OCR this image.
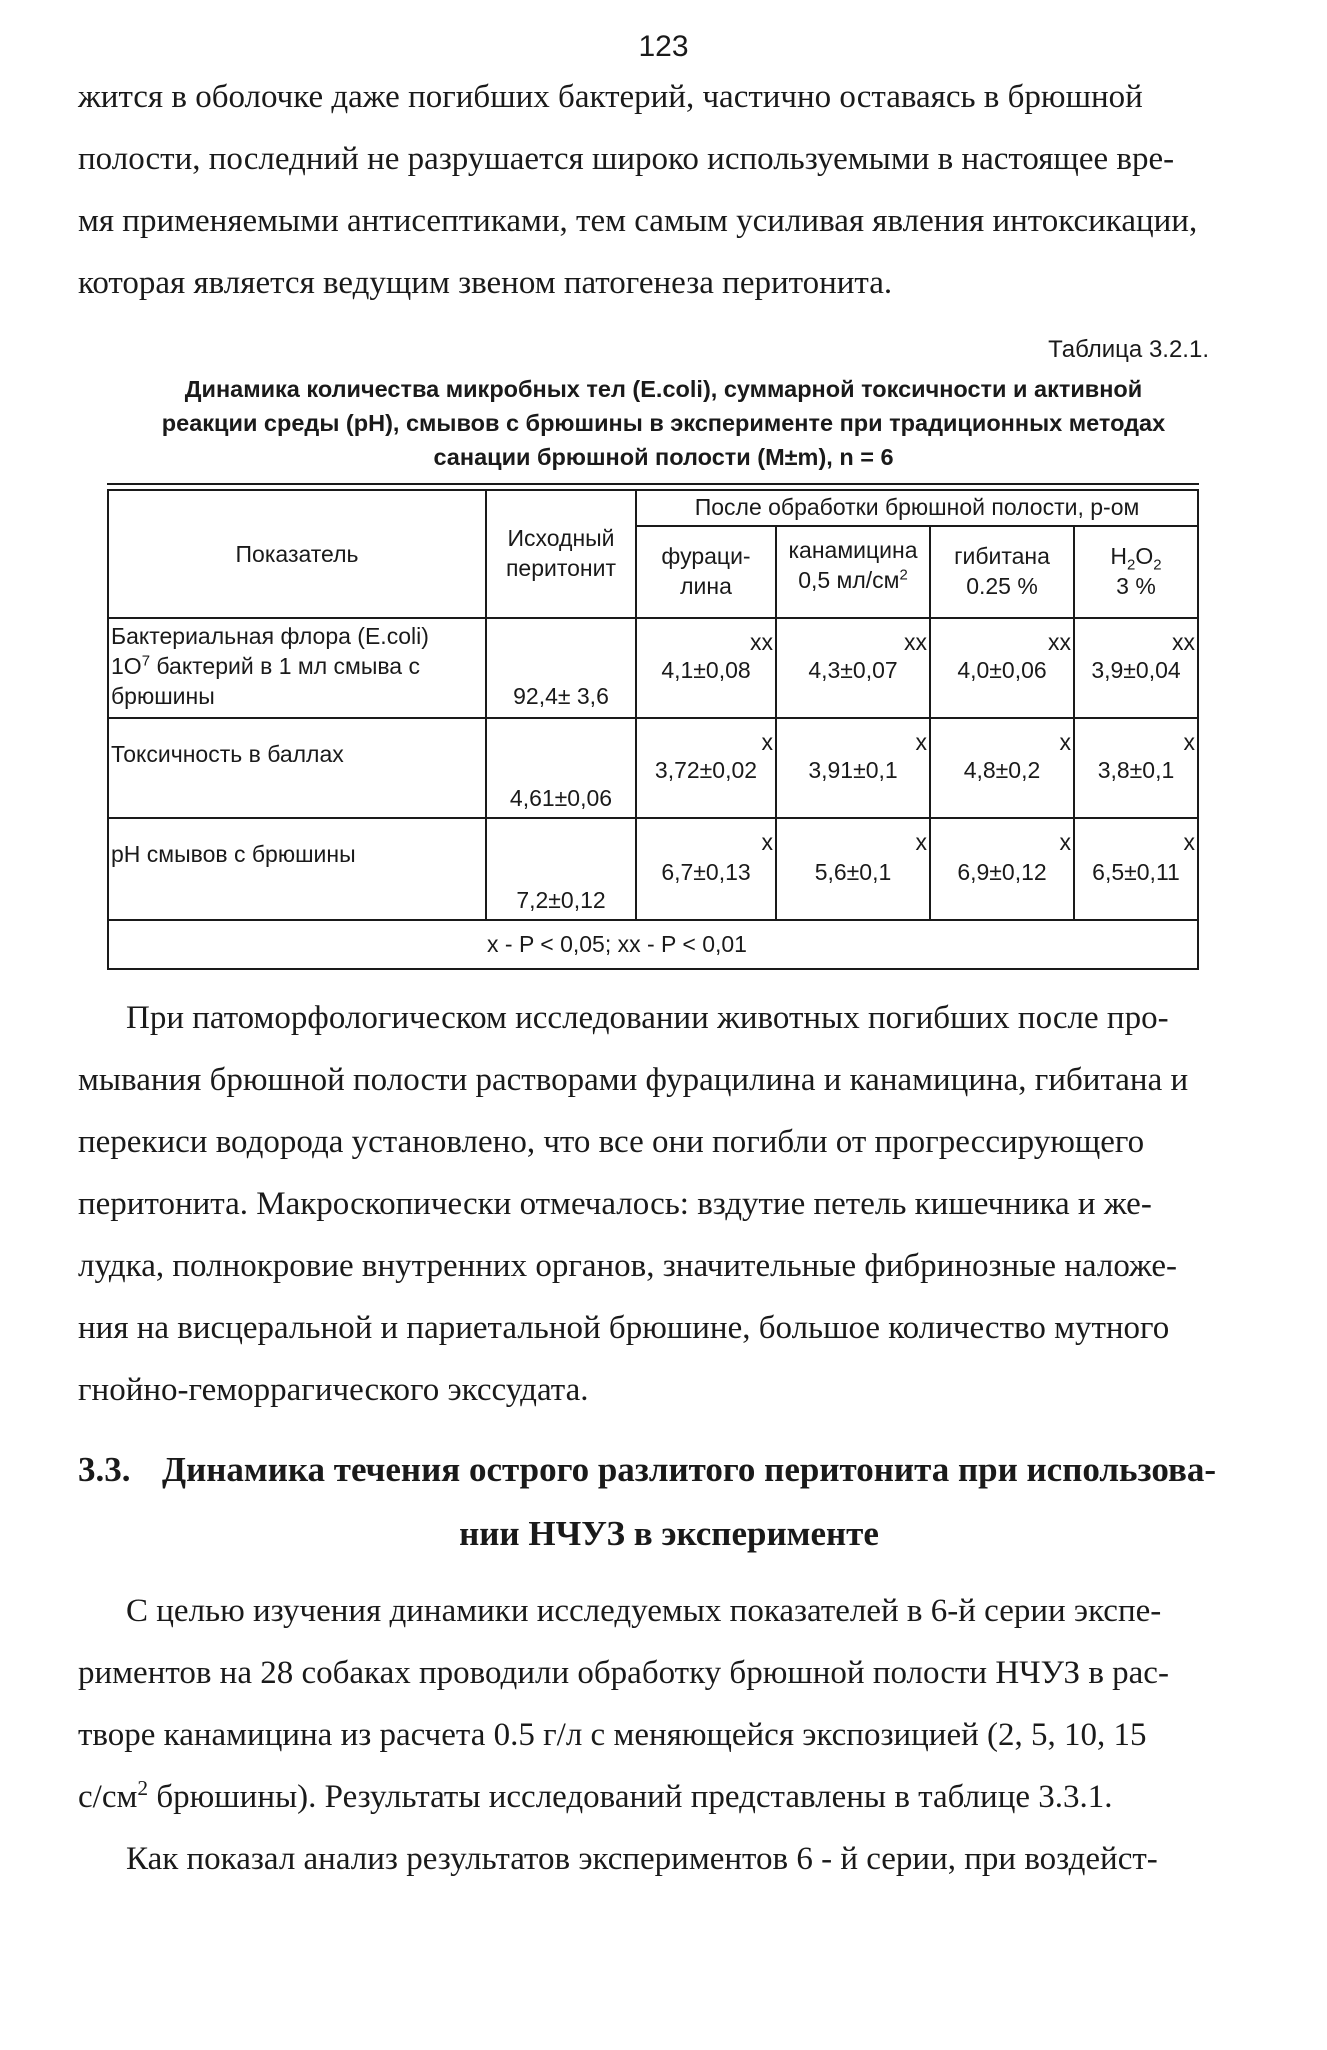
123

жится в оболочке даже погибших бактерий, частично оставаясь в брюшной

полости, последний не разрушается широко используемыми в настоящее вре-

мя применяемыми антисептиками, тем самым усиливая явления интоксикации,

которая является ведущим звеном патогенеза перитонита.

Таблица 3.2.1.
Динамика количества микробных тел (E.coli), суммарной токсичности и активной
реакции среды (рН), смывов с брюшины в эксперименте при традиционных методах
санации брюшной полости (M±m), n = 6
Показатель
Исходный
перитонит
После обработки брюшной полости, р-ом
фураци-
лина
канамицина
0,5 $мл/см^2$
гибитана
0.25 %
$H_2O_2$
3 %
Бактериальная флора (E.coli)
$1O^7$ бактерий в 1 мл смыва с
брюшины	92,4± 3,6
xx
4,1±0,08
xx
4,3±0,07
xx
4,0±0,06
xx
3,9±0,04
Токсичность в баллах
4,61±0,06
x
3,72±0,02
x
3,91±0,1
x
4,8±0,2
x
3,8±0,1
pH смывов с брюшины
7,2±0,12
x
6,7±0,13
x
5,6±0,1
x
6,9±0,12
x
6,5±0,11
x - P < 0,05; xx - P < 0,01

При патоморфологическом исследовании животных погибших после про-

мывания брюшной полости растворами фурацилина и канамицина, гибитана и

перекиси водорода установлено, что все они погибли от прогрессирующего

перитонита. Макроскопически отмечалось: вздутие петель кишечника и же-

лудка, полнокровие внутренних органов, значительные фибринозные наложе-

ния на висцеральной и париетальной брюшине, большое количество мутного

гнойно-геморрагического экссудата.

3.3. Динамика течения острого разлитого перитонита при использова-
нии НЧУЗ в эксперименте

С целью изучения динамики исследуемых показателей в 6-й серии экспе-

риментов на 28 собаках проводили обработку брюшной полости НЧУЗ в рас-

творе канамицина из расчета 0.5 г/л с меняющейся экспозицией (2, 5, 10, 15

$с/см^2$ брюшины). Результаты исследований представлены в таблице 3.3.1.

Как показал анализ результатов экспериментов 6 - й серии, при воздейст-
